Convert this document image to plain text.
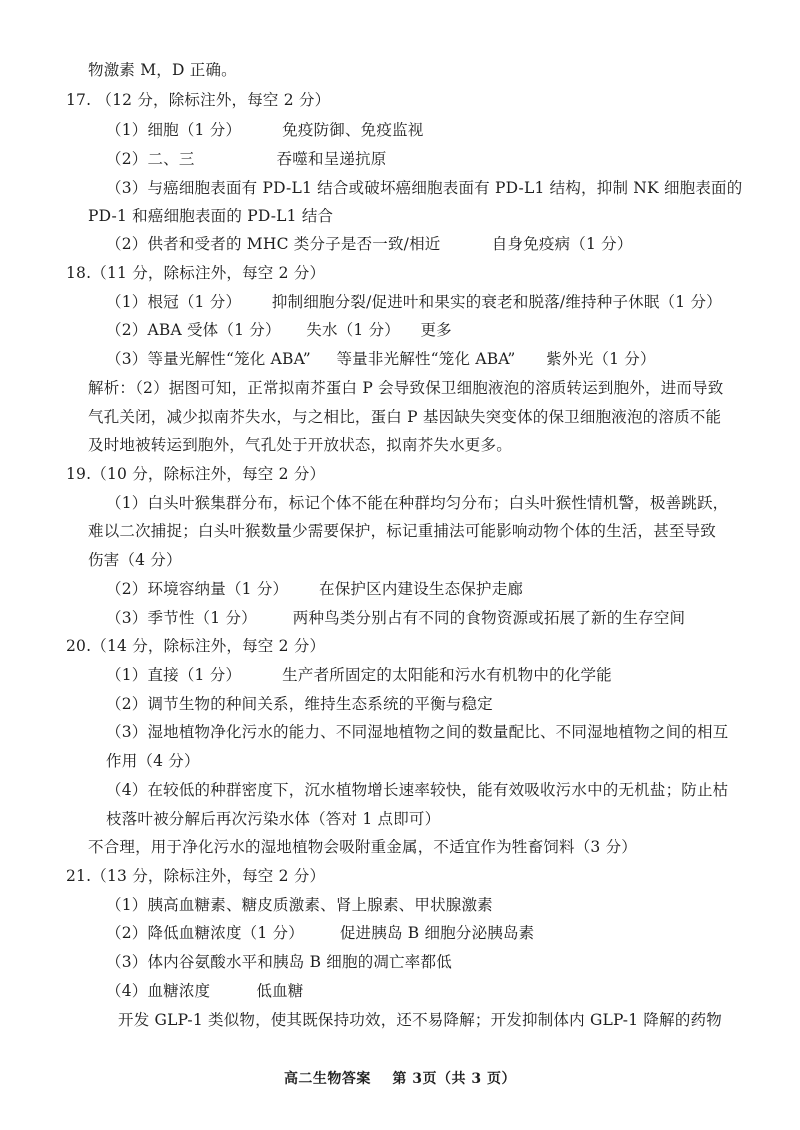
物激素 M，D 正确。
17. （12 分，除标注外，每空 2 分）
（1）细胞（1 分）        免疫防御、免疫监视
（2）二、三                吞噬和呈递抗原
（3）与癌细胞表面有 PD-L1 结合或破坏癌细胞表面有 PD-L1 结构，抑制 NK 细胞表面的
PD-1 和癌细胞表面的 PD-L1 结合
（2）供者和受者的 MHC 类分子是否一致/相近          自身免疫病（1 分）
18.（11 分，除标注外，每空 2 分）
（1）根冠（1 分）      抑制细胞分裂/促进叶和果实的衰老和脱落/维持种子休眠（1 分）
（2）ABA 受体（1 分）     失水（1 分）    更多
（3）等量光解性“笼化 ABA”     等量非光解性“笼化 ABA”      紫外光（1 分）
解析：（2）据图可知，正常拟南芥蛋白 P 会导致保卫细胞液泡的溶质转运到胞外，进而导致
气孔关闭，减少拟南芥失水，与之相比，蛋白 P 基因缺失突变体的保卫细胞液泡的溶质不能
及时地被转运到胞外，气孔处于开放状态，拟南芥失水更多。
19.（10 分，除标注外，每空 2 分）
（1）白头叶猴集群分布，标记个体不能在种群均匀分布；白头叶猴性情机警，极善跳跃，
难以二次捕捉；白头叶猴数量少需要保护，标记重捕法可能影响动物个体的生活，甚至导致
伤害（4 分）
（2）环境容纳量（1 分）      在保护区内建设生态保护走廊
（3）季节性（1 分）       两种鸟类分别占有不同的食物资源或拓展了新的生存空间
20.（14 分，除标注外，每空 2 分）
（1）直接（1 分）        生产者所固定的太阳能和污水有机物中的化学能
（2）调节生物的种间关系，维持生态系统的平衡与稳定
（3）湿地植物净化污水的能力、不同湿地植物之间的数量配比、不同湿地植物之间的相互
作用（4 分）
（4）在较低的种群密度下，沉水植物增长速率较快，能有效吸收污水中的无机盐；防止枯
枝落叶被分解后再次污染水体（答对 1 点即可）
不合理，用于净化污水的湿地植物会吸附重金属，不适宜作为牲畜饲料（3 分）
21.（13 分，除标注外，每空 2 分）
（1）胰高血糖素、糖皮质激素、肾上腺素、甲状腺激素
（2）降低血糖浓度（1 分）       促进胰岛 B 细胞分泌胰岛素
（3）体内谷氨酸水平和胰岛 B 细胞的凋亡率都低
（4）血糖浓度         低血糖
开发 GLP-1 类似物，使其既保持功效，还不易降解；开发抑制体内 GLP-1 降解的药物
高二生物答案    第 3页（共 3 页）
